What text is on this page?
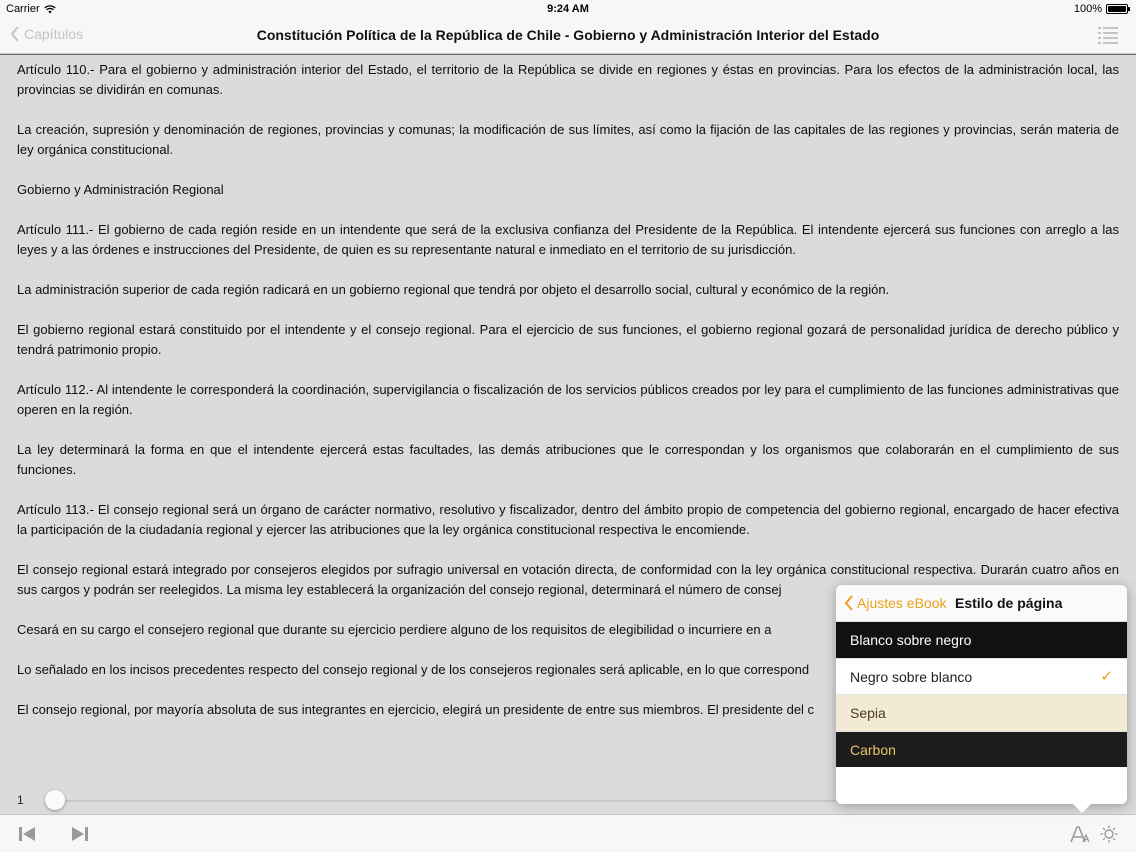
Carrier	9:24 AM	100%
Capítulos	Constitución Política de la República de Chile - Gobierno y Administración Interior del Estado

Artículo 110.- Para el gobierno y administración interior del Estado, el territorio de la República se divide en regiones y éstas en provincias. Para los efectos de la administración local, las provincias se dividirán en comunas.

La creación, supresión y denominación de regiones, provincias y comunas; la modificación de sus límites, así como la fijación de las capitales de las regiones y provincias, serán materia de ley orgánica constitucional.

Gobierno y Administración Regional

Artículo 111.- El gobierno de cada región reside en un intendente que será de la exclusiva confianza del Presidente de la República. El intendente ejercerá sus funciones con arreglo a las leyes y a las órdenes e instrucciones del Presidente, de quien es su representante natural e inmediato en el territorio de su jurisdicción.

La administración superior de cada región radicará en un gobierno regional que tendrá por objeto el desarrollo social, cultural y económico de la región.

El gobierno regional estará constituido por el intendente y el consejo regional. Para el ejercicio de sus funciones, el gobierno regional gozará de personalidad jurídica de derecho público y tendrá patrimonio propio.

Artículo 112.- Al intendente le corresponderá la coordinación, supervigilancia o fiscalización de los servicios públicos creados por ley para el cumplimiento de las funciones administrativas que operen en la región.

La ley determinará la forma en que el intendente ejercerá estas facultades, las demás atribuciones que le correspondan y los organismos que colaborarán en el cumplimiento de sus funciones.

Artículo 113.- El consejo regional será un órgano de carácter normativo, resolutivo y fiscalizador, dentro del ámbito propio de competencia del gobierno regional, encargado de hacer efectiva la participación de la ciudadanía regional y ejercer las atribuciones que la ley orgánica constitucional respectiva le encomiende.

El consejo regional estará integrado por consejeros elegidos por sufragio universal en votación directa, de conformidad con la ley orgánica constitucional respectiva. Durarán cuatro años en sus cargos y podrán ser reelegidos. La misma ley establecerá la organización del consejo regional, determinará el número de consej

Cesará en su cargo el consejero regional que durante su ejercicio perdiere alguno de los requisitos de elegibilidad o incurriere en a

Lo señalado en los incisos precedentes respecto del consejo regional y de los consejeros regionales será aplicable, en lo que correspond

El consejo regional, por mayoría absoluta de sus integrantes en ejercicio, elegirá un presidente de entre sus miembros. El presidente del c

1
Ajustes eBook Estilo de página
Blanco sobre negro
Negro sobre blanco	✓
Sepia
Carbon
